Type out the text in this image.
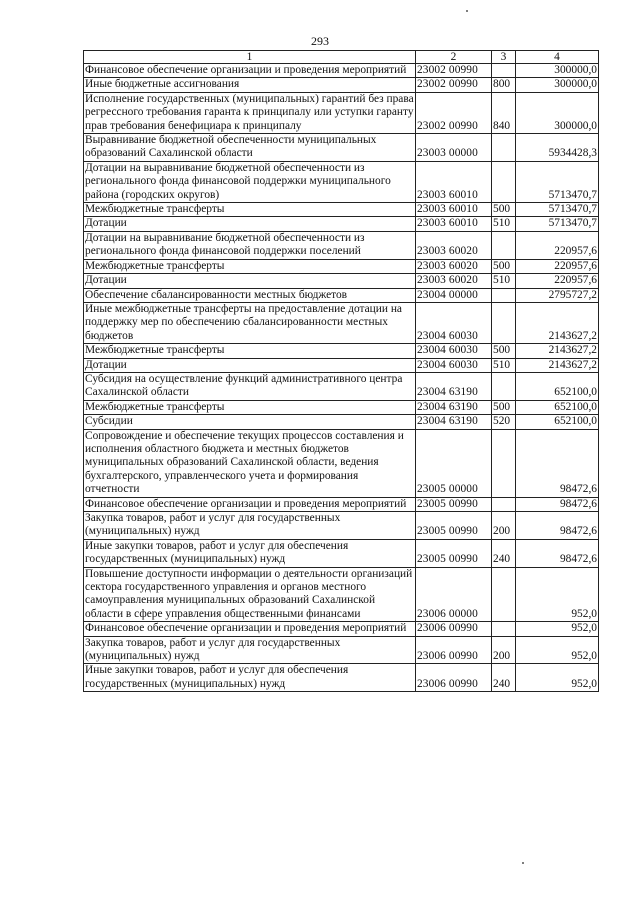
293
1	2	3	4
Финансовое обеспечение организации и проведения мероприятий	23002 00990		300000,0
Иные бюджетные ассигнования	23002 00990	800	300000,0
Исполнение государственных (муниципальных) гарантий без права регрессного требования гаранта к принципалу или уступки гаранту прав требования бенефициара к принципалу	23002 00990	840	300000,0
Выравнивание бюджетной обеспеченности муниципальных образований Сахалинской области	23003 00000		5934428,3
Дотации на выравнивание бюджетной обеспеченности из регионального фонда финансовой поддержки муниципального района (городских округов)	23003 60010		5713470,7
Межбюджетные трансферты	23003 60010	500	5713470,7
Дотации	23003 60010	510	5713470,7
Дотации на выравнивание бюджетной обеспеченности из регионального фонда финансовой поддержки поселений	23003 60020		220957,6
Межбюджетные трансферты	23003 60020	500	220957,6
Дотации	23003 60020	510	220957,6
Обеспечение сбалансированности местных бюджетов	23004 00000		2795727,2
Иные межбюджетные трансферты на предоставление дотации на поддержку мер по обеспечению сбалансированности местных бюджетов	23004 60030		2143627,2
Межбюджетные трансферты	23004 60030	500	2143627,2
Дотации	23004 60030	510	2143627,2
Субсидия на осуществление функций административного центра Сахалинской области	23004 63190		652100,0
Межбюджетные трансферты	23004 63190	500	652100,0
Субсидии	23004 63190	520	652100,0
Сопровождение и обеспечение текущих процессов составления и исполнения областного бюджета и местных бюджетов муниципальных образований Сахалинской области, ведения бухгалтерского, управленческого учета и формирования отчетности	23005 00000		98472,6
Финансовое обеспечение организации и проведения мероприятий	23005 00990		98472,6
Закупка товаров, работ и услуг для государственных (муниципальных) нужд	23005 00990	200	98472,6
Иные закупки товаров, работ и услуг для обеспечения государственных (муниципальных) нужд	23005 00990	240	98472,6
Повышение доступности информации о деятельности организаций сектора государственного управления и органов местного самоуправления муниципальных образований Сахалинской области в сфере управления общественными финансами	23006 00000		952,0
Финансовое обеспечение организации и проведения мероприятий	23006 00990		952,0
Закупка товаров, работ и услуг для государственных (муниципальных) нужд	23006 00990	200	952,0
Иные закупки товаров, работ и услуг для обеспечения государственных (муниципальных) нужд	23006 00990	240	952,0
